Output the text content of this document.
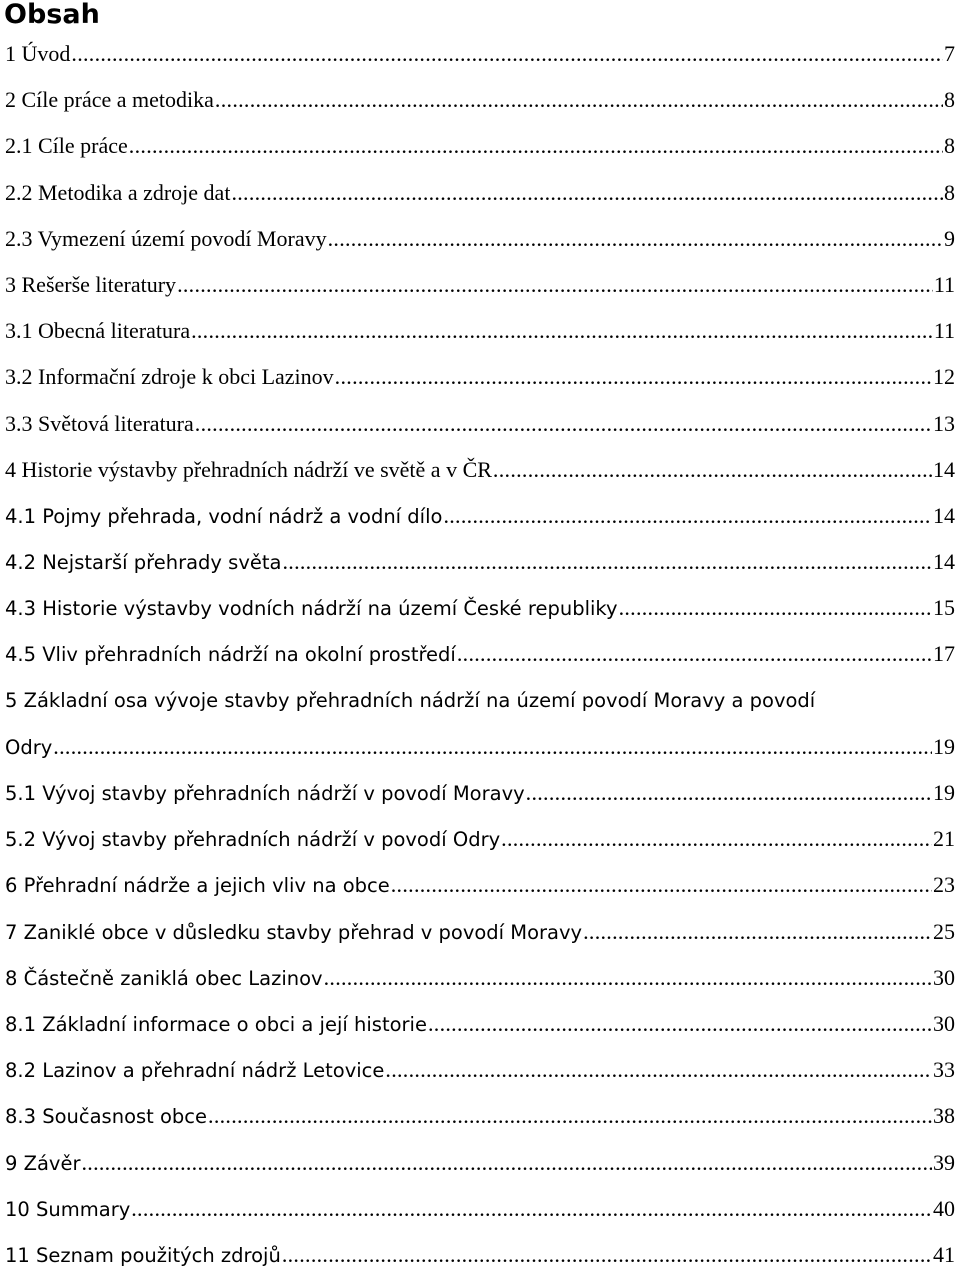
Obsah
1 Úvod .....	7
2 Cíle práce a metodika .....	8
2.1 Cíle práce .....	8
2.2 Metodika a zdroje dat .....	8
2.3 Vymezení území povodí Moravy .....	9
3 Rešerše literatury .....	11
3.1 Obecná literatura .....	11
3.2 Informační zdroje k obci Lazinov .....	12
3.3 Světová literatura .....	13
4 Historie výstavby přehradních nádrží ve světě a v ČR .....	14
4.1 Pojmy přehrada, vodní nádrž a vodní dílo .....	14
4.2 Nejstarší přehrady světa .....	14
4.3 Historie výstavby vodních nádrží na území České republiky .....	15
4.5 Vliv přehradních nádrží na okolní prostředí .....	17
5 Základní osa vývoje stavby přehradních nádrží na území povodí Moravy a povodí
Odry .....	19
5.1 Vývoj stavby přehradních nádrží v povodí Moravy .....	19
5.2 Vývoj stavby přehradních nádrží v povodí Odry .....	21
6 Přehradní nádrže a jejich vliv na obce .....	23
7 Zaniklé obce v důsledku stavby přehrad v povodí Moravy .....	25
8 Částečně zaniklá obec Lazinov .....	30
8.1 Základní informace o obci a její historie .....	30
8.2 Lazinov a přehradní nádrž Letovice .....	33
8.3 Současnost obce .....	38
9 Závěr .....	39
10 Summary .....	40
11 Seznam použitých zdrojů .....	41
